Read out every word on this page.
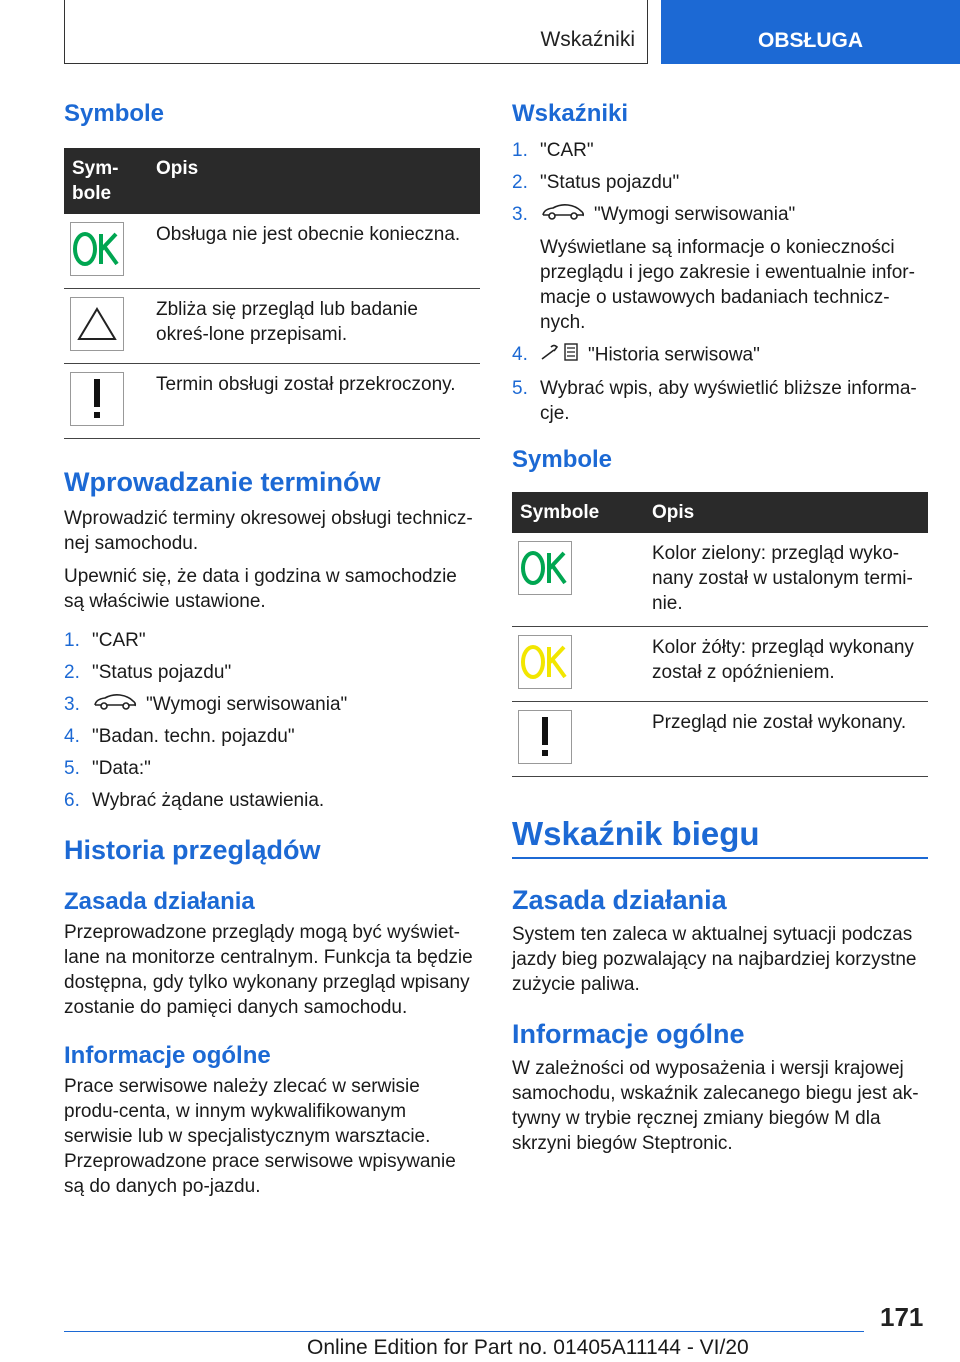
Wskaźniki	OBSŁUGA
Symbole
Sym-
bole	Opis

	Obsługa nie jest obecnie konieczna.

	Zbliża się przegląd lub badanie okreś-lone przepisami.

	Termin obsługi został przekroczony.
Wprowadzanie terminów

Wprowadzić terminy okresowej obsługi technicz-nej samochodu.

Upewnić się, że data i godzina w samochodzie są właściwie ustawione.

1. "CAR"
2. "Status pojazdu"
3.	"Wymogi serwisowania"
4. "Badan. techn. pojazdu"
5. "Data:"
6. Wybrać żądane ustawienia.
Historia przeglądów
Zasada działania

Przeprowadzone przeglądy mogą być wyświet-lane na monitorze centralnym. Funkcja ta będzie dostępna, gdy tylko wykonany przegląd wpisany zostanie do pamięci danych samochodu.

Informacje ogólne

Prace serwisowe należy zlecać w serwisie produ-centa, w innym wykwalifikowanym serwisie lub w specjalistycznym warsztacie. Przeprowadzone prace serwisowe wpisywanie są do danych po-jazdu.

Wskaźniki
1. "CAR"
2. "Status pojazdu"
3.	"Wymogi serwisowania"
Wyświetlane są informacje o konieczności przeglądu i jego zakresie i ewentualnie infor-macje o ustawowych badaniach technicz-nych.
4.	"Historia serwisowa"
5. Wybrać wpis, aby wyświetlić bliższe informa-cje.
Symbole
Symbole	Opis

	Kolor zielony: przegląd wyko-nany został w ustalonym termi-nie.

	Kolor żółty: przegląd wykonany został z opóźnieniem.

	Przegląd nie został wykonany.
Wskaźnik biegu
Zasada działania

System ten zaleca w aktualnej sytuacji podczas jazdy bieg pozwalający na najbardziej korzystne zużycie paliwa.

Informacje ogólne

W zależności od wyposażenia i wersji krajowej samochodu, wskaźnik zalecanego biegu jest ak-tywny w trybie ręcznej zmiany biegów M dla skrzyni biegów Steptronic.

171
Online Edition for Part no. 01405A11144 - VI/20
